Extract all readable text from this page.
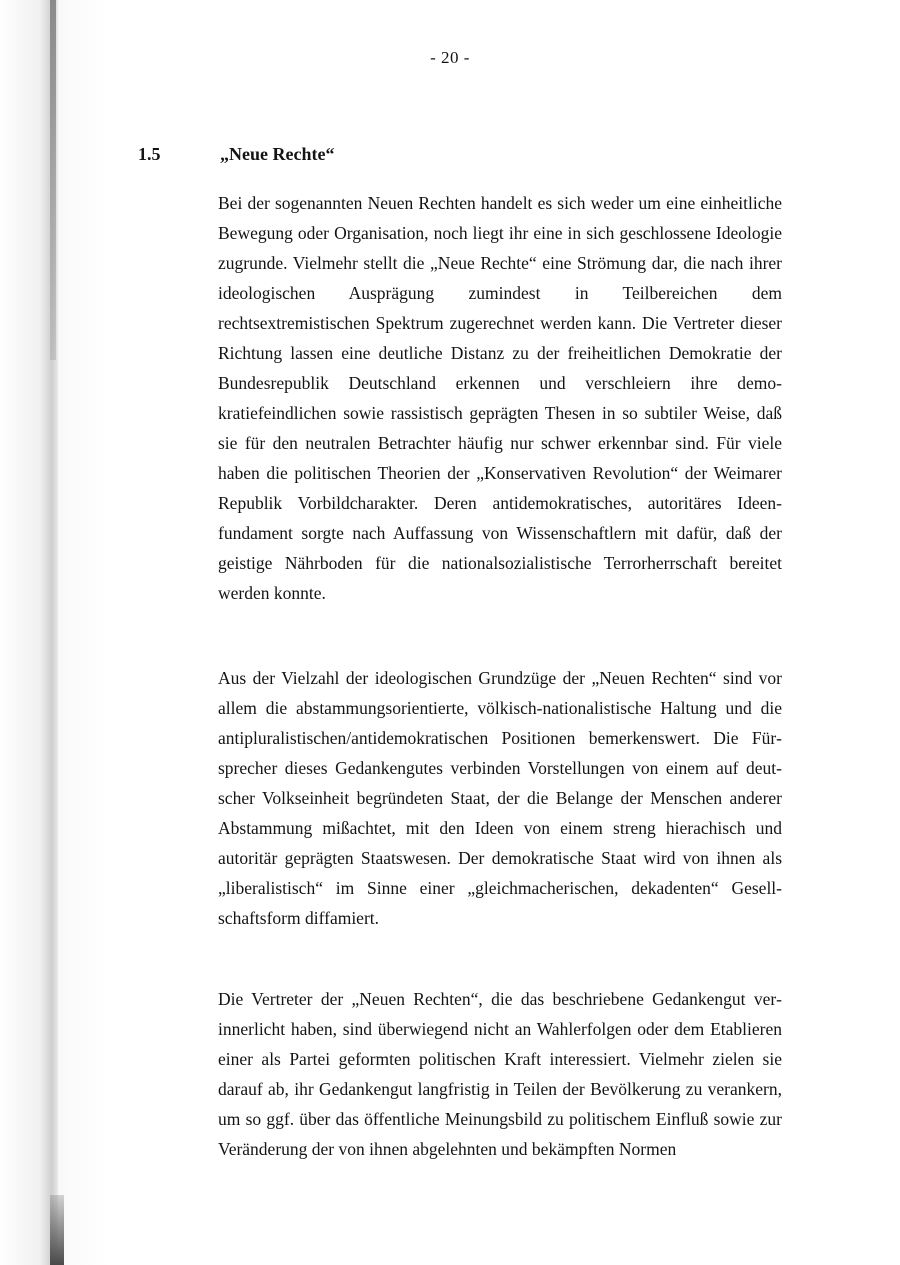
- 20 -
1.5	„Neue Rechte“

Bei der sogenannten Neuen Rechten handelt es sich weder um eine einheitliche Bewegung oder Organisation, noch liegt ihr eine in sich geschlossene Ideologie zugrunde. Vielmehr stellt die „Neue Rechte“ eine Strömung dar, die nach ihrer ideologischen Ausprägung zumindest in Teilbereichen dem rechtsextremistischen Spektrum zugerechnet werden kann. Die Vertreter dieser Richtung lassen eine deutliche Distanz zu der freiheitlichen Demokratie der Bundesrepublik Deutschland erkennen und verschleiern ihre demokratiefeindlichen sowie rassistisch geprägten Thesen in so subtiler Weise, daß sie für den neutralen Betrachter häufig nur schwer erkennbar sind. Für viele haben die politischen Theorien der „Konservativen Revolution“ der Weimarer Republik Vorbildcharakter. Deren antidemokratisches, autoritäres Ideenfundament sorgte nach Auffassung von Wissenschaftlern mit dafür, daß der geistige Nährboden für die nationalsozialistische Terrorherrschaft bereitet werden konnte.

Aus der Vielzahl der ideologischen Grundzüge der „Neuen Rechten“ sind vor allem die abstammungsorientierte, völkisch-nationalistische Haltung und die antipluralistischen/antidemokratischen Positionen bemerkenswert. Die Fürsprecher dieses Gedankengutes verbinden Vorstellungen von einem auf deutscher Volkseinheit begründeten Staat, der die Belange der Menschen anderer Abstammung mißachtet, mit den Ideen von einem streng hierachisch und autoritär geprägten Staatswesen. Der demokratische Staat wird von ihnen als „liberalistisch“ im Sinne einer „gleichmacherischen, dekadenten“ Gesellschaftsform diffamiert.

Die Vertreter der „Neuen Rechten“, die das beschriebene Gedankengut verinnerlicht haben, sind überwiegend nicht an Wahlerfolgen oder dem Etablieren einer als Partei geformten politischen Kraft interessiert. Vielmehr zielen sie darauf ab, ihr Gedankengut langfristig in Teilen der Bevölkerung zu verankern, um so ggf. über das öffentliche Meinungsbild zu politischem Einfluß sowie zur Veränderung der von ihnen abgelehnten und bekämpften Normen
